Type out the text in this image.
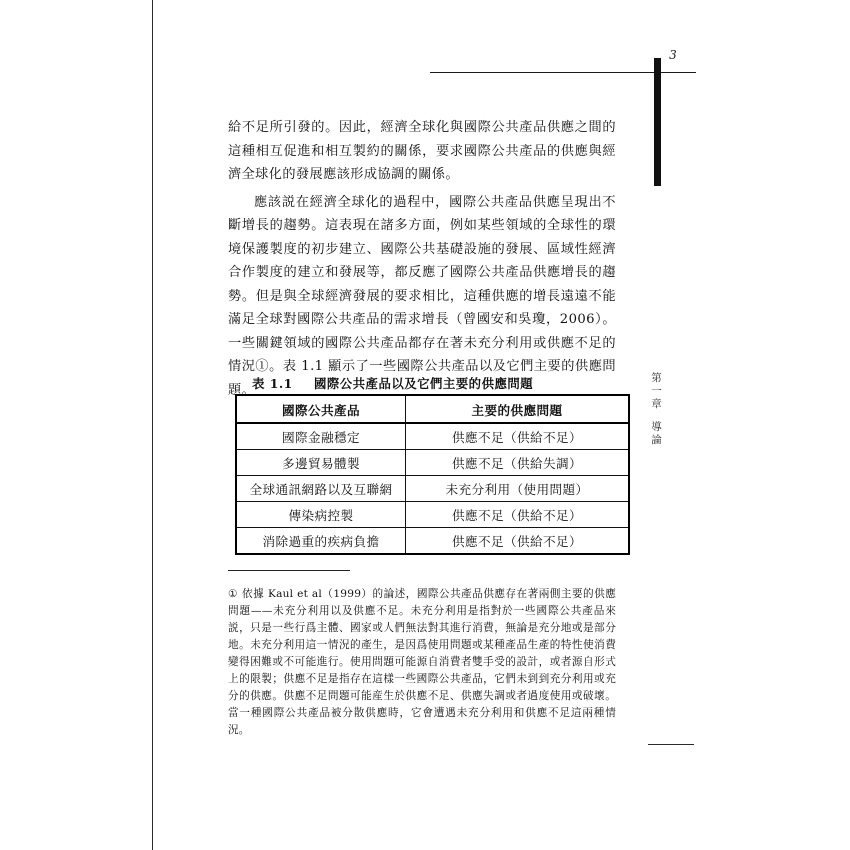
3
第
一
章
導
論

給不足所引發的。因此，經濟全球化與國際公共產品供應之間的這種相互促進和相互製約的關係，要求國際公共產品的供應與經濟全球化的發展應該形成協調的關係。

應該説在經濟全球化的過程中，國際公共產品供應呈現出不斷增長的趨勢。這表現在諸多方面，例如某些領域的全球性的環境保護製度的初步建立、國際公共基礎設施的發展、區域性經濟合作製度的建立和發展等，都反應了國際公共產品供應增長的趨勢。但是與全球經濟發展的要求相比，這種供應的增長遠遠不能滿足全球對國際公共產品的需求增長（曾國安和吳瓊，2006）。一些關鍵領域的國際公共產品都存在著未充分利用或供應不足的情況①。表 1.1 顯示了一些國際公共產品以及它們主要的供應問題。

表 1.1 國際公共產品以及它們主要的供應問題
國際公共產品	主要的供應問題
國際金融穩定	供應不足（供給不足）
多邊貿易體製	供應不足（供給失調）
全球通訊網路以及互聯網	未充分利用（使用問題）
傳染病控製	供應不足（供給不足）
消除過重的疾病負擔	供應不足（供給不足）
① 依據 Kaul et al（1999）的論述，國際公共產品供應存在著兩側主要的供應問題——未充分利用以及供應不足。未充分利用是指對於一些國際公共產品來説，只是一些行爲主體、國家或人們無法對其進行消費，無論是充分地或是部分地。未充分利用這一情況的產生，是因爲使用問題或某種產品生產的特性使消費變得困難或不可能進行。使用問題可能源自消費者雙手受的設計，或者源自形式上的限製；供應不足是指存在這樣一些國際公共產品，它們未到到充分利用或充分的供應。供應不足問題可能産生於供應不足、供應失調或者過度使用或破壞。當一種國際公共產品被分散供應時，它會遭遇未充分利用和供應不足這兩種情況。
